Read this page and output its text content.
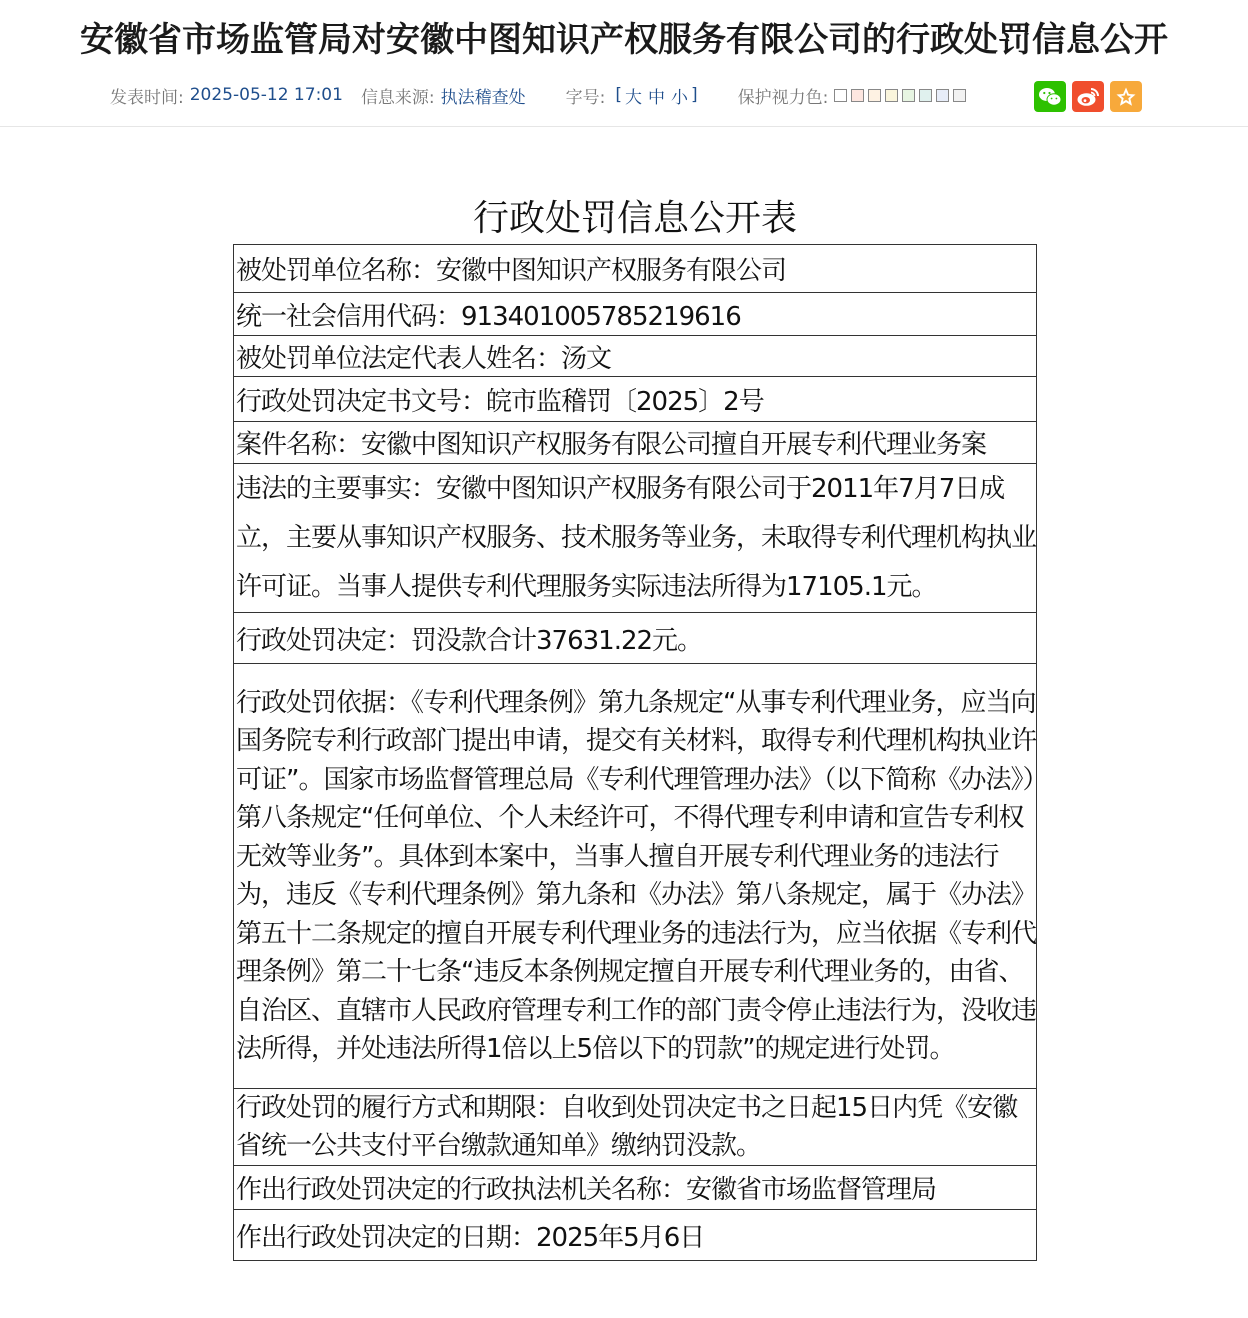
安徽省市场监管局对安徽中图知识产权服务有限公司的行政处罚信息公开
发表时间: 2025-05-12 17:01 信息来源: 执法稽查处 字号: [ 大 中 小 ] 保护视力色:
行政处罚信息公开表
被处罚单位名称：安徽中图知识产权服务有限公司
统一社会信用代码：913401005785219616
被处罚单位法定代表人姓名：汤文
行政处罚决定书文号：皖市监稽罚〔2025〕2号
案件名称：安徽中图知识产权服务有限公司擅自开展专利代理业务案
违法的主要事实：安徽中图知识产权服务有限公司于2011年7月7日成立，主要从事知识产权服务、技术服务等业务，未取得专利代理机构执业许可证。当事人提供专利代理服务实际违法所得为17105.1元。
行政处罚决定：罚没款合计37631.22元。
行政处罚依据：《专利代理条例》第九条规定“从事专利代理业务，应当向国务院专利行政部门提出申请，提交有关材料，取得专利代理机构执业许可证”。国家市场监督管理总局《专利代理管理办法》（以下简称《办法》）第八条规定“任何单位、个人未经许可，不得代理专利申请和宣告专利权无效等业务”。具体到本案中，当事人擅自开展专利代理业务的违法行为，违反《专利代理条例》第九条和《办法》第八条规定，属于《办法》第五十二条规定的擅自开展专利代理业务的违法行为，应当依据《专利代理条例》第二十七条“违反本条例规定擅自开展专利代理业务的，由省、自治区、直辖市人民政府管理专利工作的部门责令停止违法行为，没收违法所得，并处违法所得1倍以上5倍以下的罚款”的规定进行处罚。
行政处罚的履行方式和期限：自收到处罚决定书之日起15日内凭《安徽省统一公共支付平台缴款通知单》缴纳罚没款。
作出行政处罚决定的行政执法机关名称：安徽省市场监督管理局
作出行政处罚决定的日期：2025年5月6日
